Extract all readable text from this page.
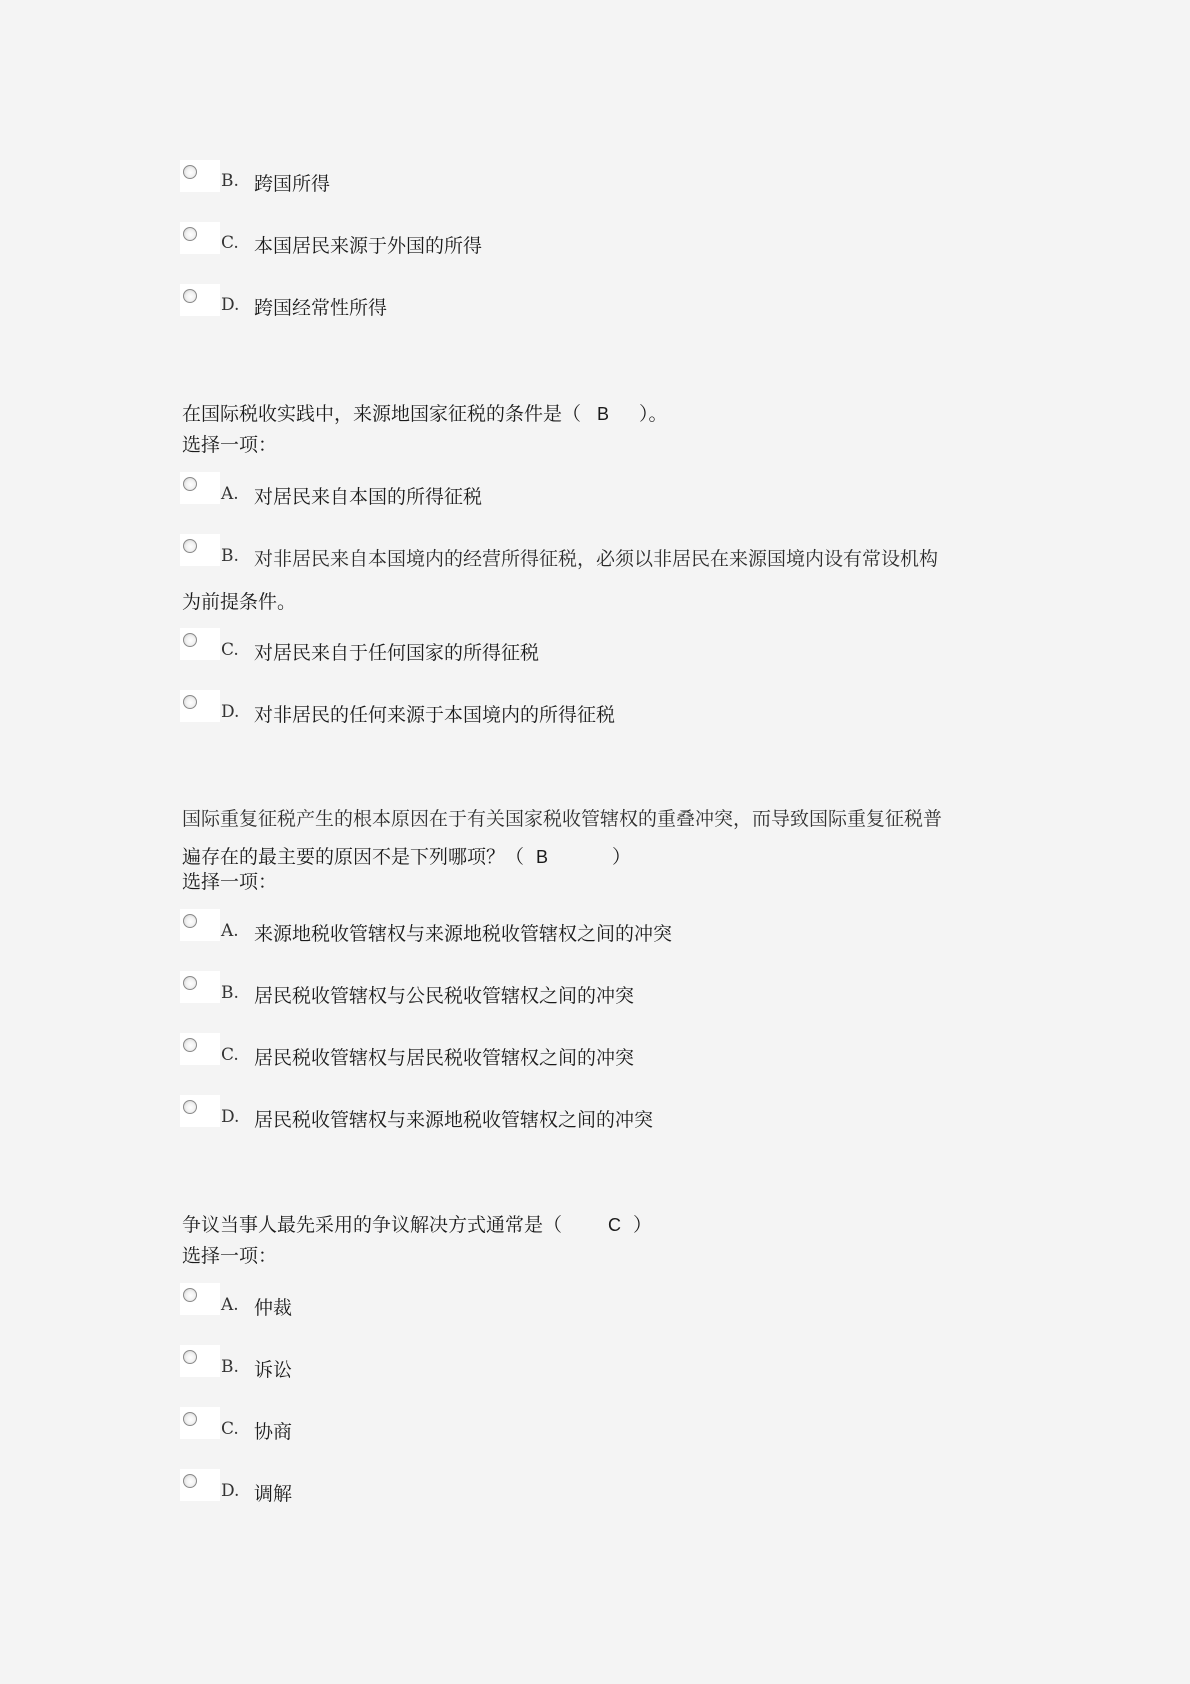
B. 跨国所得
C. 本国居民来源于外国的所得
D. 跨国经常性所得
在国际税收实践中，来源地国家征税的条件是（ B ）。
选择一项：
A. 对居民来自本国的所得征税
B. 对非居民来自本国境内的经营所得征税，必须以非居民在来源国境内设有常设机构
为前提条件。
C. 对居民来自于任何国家的所得征税
D. 对非居民的任何来源于本国境内的所得征税
国际重复征税产生的根本原因在于有关国家税收管辖权的重叠冲突，而导致国际重复征税普
遍存在的最主要的原因不是下列哪项？（ B	）
选择一项：
A. 来源地税收管辖权与来源地税收管辖权之间的冲突
B. 居民税收管辖权与公民税收管辖权之间的冲突
C. 居民税收管辖权与居民税收管辖权之间的冲突
D. 居民税收管辖权与来源地税收管辖权之间的冲突
争议当事人最先采用的争议解决方式通常是（	C ）
选择一项：
A. 仲裁
B. 诉讼
C. 协商
D. 调解
